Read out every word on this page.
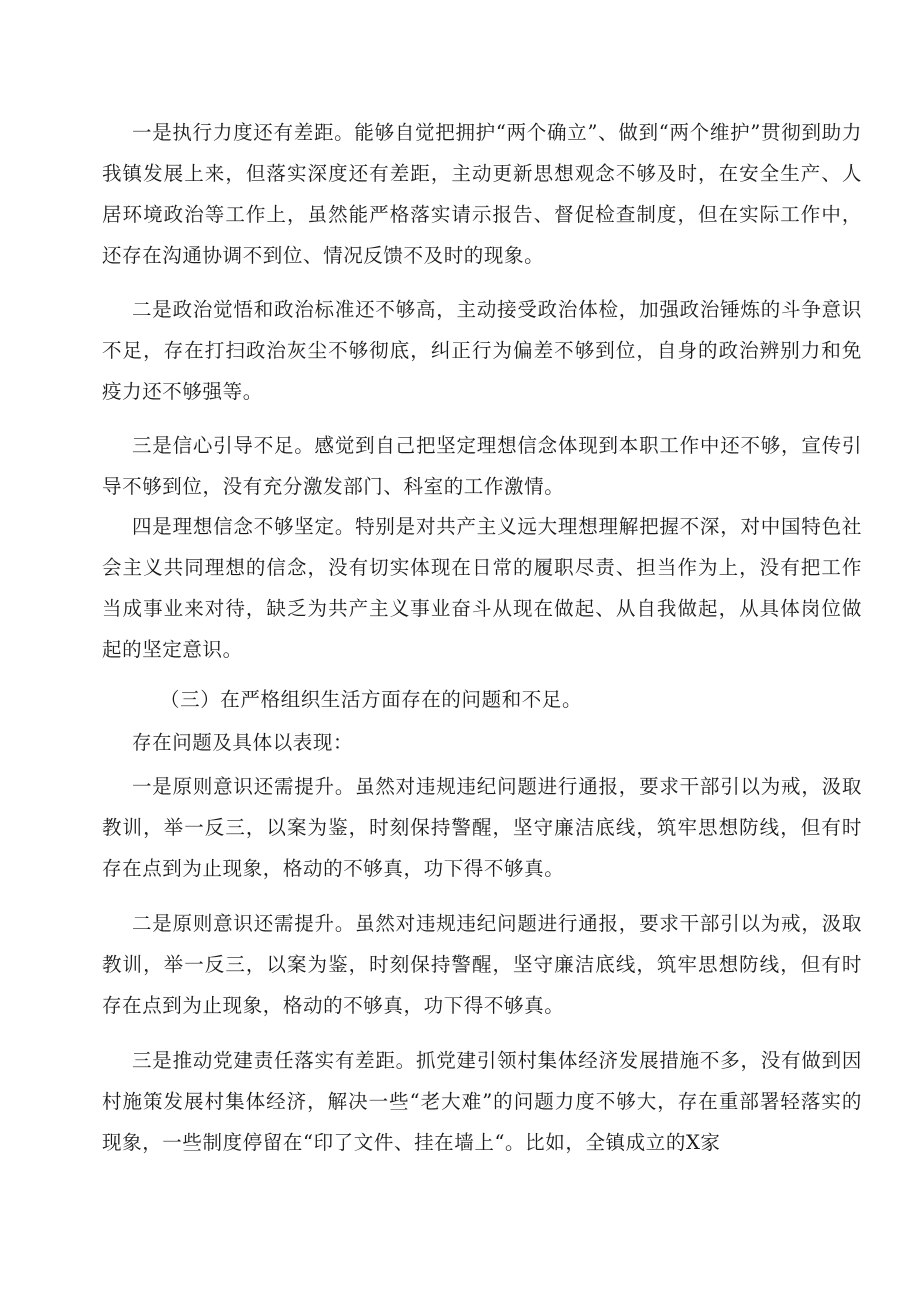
一是执行力度还有差距。能够自觉把拥护“两个确立”、做到“两个维护”贯彻到助力我镇发展上来，但落实深度还有差距，主动更新思想观念不够及时，在安全生产、人居环境政治等工作上，虽然能严格落实请示报告、督促检查制度，但在实际工作中，还存在沟通协调不到位、情况反馈不及时的现象。

二是政治觉悟和政治标准还不够高，主动接受政治体检，加强政治锤炼的斗争意识不足，存在打扫政治灰尘不够彻底，纠正行为偏差不够到位，自身的政治辨别力和免疫力还不够强等。

三是信心引导不足。感觉到自己把坚定理想信念体现到本职工作中还不够，宣传引导不够到位，没有充分激发部门、科室的工作激情。

四是理想信念不够坚定。特别是对共产主义远大理想理解把握不深，对中国特色社会主义共同理想的信念，没有切实体现在日常的履职尽责、担当作为上，没有把工作当成事业来对待，缺乏为共产主义事业奋斗从现在做起、从自我做起，从具体岗位做起的坚定意识。

（三）在严格组织生活方面存在的问题和不足。

存在问题及具体以表现：

一是原则意识还需提升。虽然对违规违纪问题进行通报，要求干部引以为戒，汲取教训，举一反三，以案为鉴，时刻保持警醒，坚守廉洁底线，筑牢思想防线，但有时存在点到为止现象，格动的不够真，功下得不够真。

二是原则意识还需提升。虽然对违规违纪问题进行通报，要求干部引以为戒，汲取教训，举一反三，以案为鉴，时刻保持警醒，坚守廉洁底线，筑牢思想防线，但有时存在点到为止现象，格动的不够真，功下得不够真。

三是推动党建责任落实有差距。抓党建引领村集体经济发展措施不多，没有做到因村施策发展村集体经济，解决一些“老大难”的问题力度不够大，存在重部署轻落实的现象，一些制度停留在“印了文件、挂在墙上“。比如，全镇成立的X家
